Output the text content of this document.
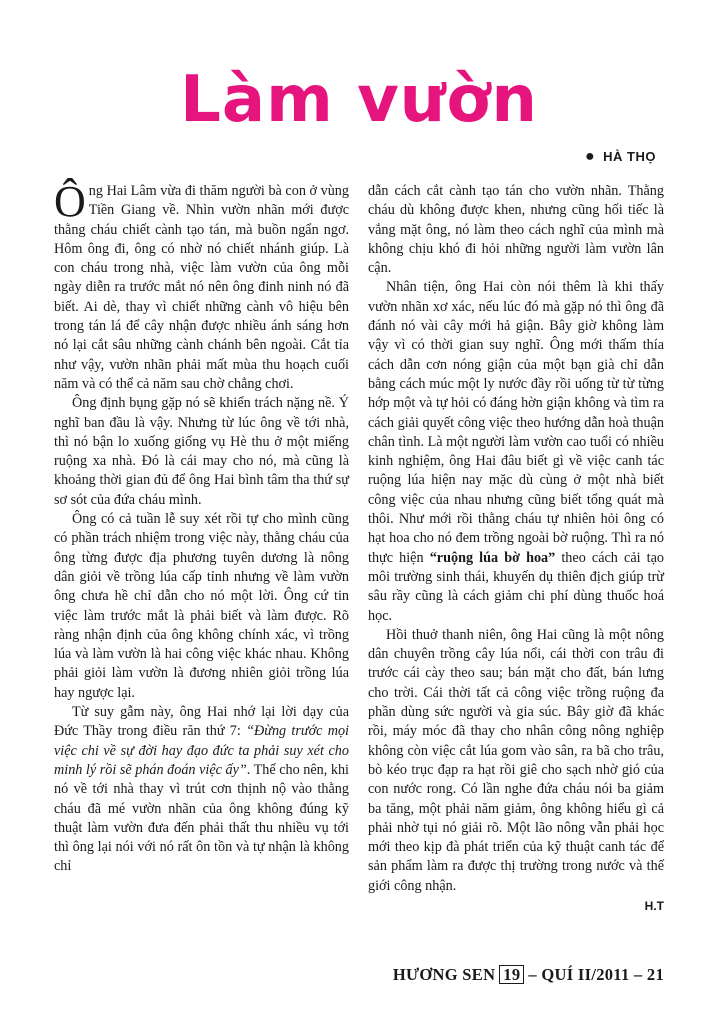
Làm vườn
● HÀ THỌ

Ông Hai Lâm vừa đi thăm người bà con ở vùng Tiền Giang về. Nhìn vườn nhãn mới được thằng cháu chiết cành tạo tán, mà buồn ngẩn ngơ. Hôm ông đi, ông có nhờ nó chiết nhánh giúp. Là con cháu trong nhà, việc làm vườn của ông mỗi ngày diễn ra trước mắt nó nên ông đinh ninh nó đã biết. Ai dè, thay vì chiết những cành vô hiệu bên trong tán lá để cây nhận được nhiều ánh sáng hơn nó lại cắt sâu những cành chánh bên ngoài. Cắt tỉa như vậy, vườn nhãn phải mất mùa thu hoạch cuối năm và có thể cả năm sau chờ chẳng chơi.

Ông định bụng gặp nó sẽ khiển trách nặng nề. Ý nghĩ ban đầu là vậy. Nhưng từ lúc ông về tới nhà, thì nó bận lo xuống giống vụ Hè thu ở một miếng ruộng xa nhà. Đó là cái may cho nó, mà cũng là khoảng thời gian đủ để ông Hai bình tâm tha thứ sự sơ sót của đứa cháu mình.

Ông có cả tuần lễ suy xét rồi tự cho mình cũng có phần trách nhiệm trong việc này, thằng cháu của ông từng được địa phương tuyên dương là nông dân giỏi về trồng lúa cấp tỉnh nhưng về làm vườn ông chưa hề chỉ dẫn cho nó một lời. Ông cứ tin việc làm trước mắt là phải biết và làm được. Rõ ràng nhận định của ông không chính xác, vì trồng lúa và làm vườn là hai công việc khác nhau. Không phải giỏi làm vườn là đương nhiên giỏi trồng lúa hay ngược lại.

Từ suy gẫm này, ông Hai nhớ lại lời dạy của Đức Thầy trong điều răn thứ 7: “Đừng trước mọi việc chi về sự đời hay đạo đức ta phải suy xét cho minh lý rồi sẽ phán đoán việc ấy”. Thế cho nên, khi nó về tới nhà thay vì trút cơn thịnh nộ vào thằng cháu đã mé vườn nhãn của ông không đúng kỹ thuật làm vườn đưa đến phải thất thu nhiều vụ tới thì ông lại nói với nó rất ôn tồn và tự nhận là không chỉ

dẫn cách cắt cành tạo tán cho vườn nhãn. Thằng cháu dù không được khen, nhưng cũng hối tiếc là vắng mặt ông, nó làm theo cách nghĩ của mình mà không chịu khó đi hỏi những người làm vườn lân cận.

Nhân tiện, ông Hai còn nói thêm là khi thấy vườn nhãn xơ xác, nếu lúc đó mà gặp nó thì ông đã đánh nó vài cây mới hả giận. Bây giờ không làm vậy vì có thời gian suy nghĩ. Ông mới thấm thía cách dẫn cơn nóng giận của một bạn già chỉ dẫn bằng cách múc một ly nước đầy rồi uống từ từ từng hớp một và tự hỏi có đáng hờn giận không và tìm ra cách giải quyết công việc theo hướng dẫn hoà thuận chân tình. Là một người làm vườn cao tuổi có nhiều kinh nghiệm, ông Hai đâu biết gì về việc canh tác ruộng lúa hiện nay mặc dù cùng ở một nhà biết công việc của nhau nhưng cũng biết tổng quát mà thôi. Như mới rồi thằng cháu tự nhiên hỏi ông có hạt hoa cho nó đem trồng ngoài bờ ruộng. Thì ra nó thực hiện “ruộng lúa bờ hoa” theo cách cải tạo môi trường sinh thái, khuyến dụ thiên địch giúp trừ sâu rầy cũng là cách giảm chi phí dùng thuốc hoá học.

Hồi thuở thanh niên, ông Hai cũng là một nông dân chuyên trồng cây lúa nổi, cái thời con trâu đi trước cái cày theo sau; bán mặt cho đất, bán lưng cho trời. Cái thời tất cả công việc trồng ruộng đa phần dùng sức người và gia súc. Bây giờ đã khác rồi, máy móc đã thay cho nhân công nông nghiệp không còn việc cắt lúa gom vào sân, ra bã cho trâu, bò kéo trục đạp ra hạt rồi giê cho sạch nhờ gió của con nước rong. Có lần nghe đứa cháu nói ba giảm ba tăng, một phải năm giảm, ông không hiểu gì cả phải nhờ tụi nó giải rõ. Một lão nông vẫn phải học mới theo kịp đà phát triển của kỹ thuật canh tác để sản phẩm làm ra được thị trường trong nước và thế giới công nhận.

H.T
HƯƠNG SEN 19 – QUÍ II/2011 – 21
